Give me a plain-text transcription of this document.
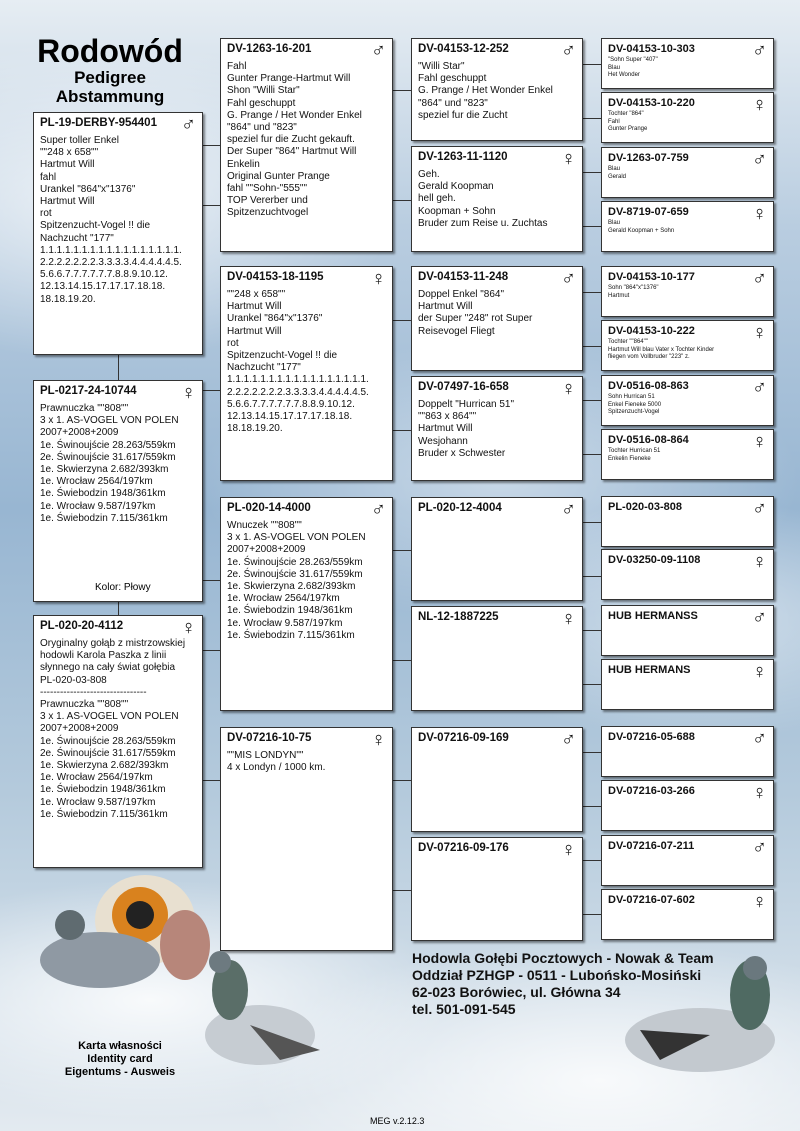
Rodowód
Pedigree
Abstammung
PL-19-DERBY-954401	♂
Super toller Enkel
""248 x 658""
Hartmut Will
fahl
Urankel "864"x"1376"
Hartmut Will
rot
Spitzenzucht-Vogel !! die
Nachzucht "177"
1.1.1.1.1.1.1.1.1.1.1.1.1.1.1.1.1.
2.2.2.2.2.2.2.3.3.3.3.4.4.4.4.4.5.
5.6.6.7.7.7.7.7.7.8.8.9.10.12.
12.13.14.15.17.17.17.18.18.
18.18.19.20.
PL-0217-24-10744	♀
Prawnuczka ""808""
3 x 1. AS-VOGEL VON POLEN
2007+2008+2009
1e. Świnoujście 28.263/559km
2e. Świnoujście 31.617/559km
1e. Skwierzyna 2.682/393km
1e. Wrocław 2564/197km
1e. Świebodzin 1948/361km
1e. Wrocław 9.587/197km
1e. Świebodzin 7.115/361km
PL-020-20-4112	♀
Oryginalny gołąb z mistrzowskiej
hodowli Karola Paszka z linii
słynnego na cały świat gołębia
PL-020-03-808
--------------------------------
Prawnuczka ""808""
3 x 1. AS-VOGEL VON POLEN
2007+2008+2009
1e. Świnoujście 28.263/559km
2e. Świnoujście 31.617/559km
1e. Skwierzyna 2.682/393km
1e. Wrocław 2564/197km
1e. Świebodzin 1948/361km
1e. Wrocław 9.587/197km
1e. Świebodzin 7.115/361km
DV-1263-16-201	♂
Fahl
Gunter Prange-Hartmut Will
Shon "Willi Star"
Fahl geschuppt
G. Prange / Het Wonder Enkel
"864" und "823"
speziel fur die Zucht gekauft.
Der Super "864" Hartmut Will
Enkelin
Original Gunter Prange
fahl ""Sohn-"555""
TOP Vererber und
Spitzenzuchtvogel
DV-04153-18-1195	♀
""248 x 658""
Hartmut Will
Urankel "864"x"1376"
Hartmut Will
rot
Spitzenzucht-Vogel !! die
Nachzucht "177"
1.1.1.1.1.1.1.1.1.1.1.1.1.1.1.1.1.
2.2.2.2.2.2.2.3.3.3.3.4.4.4.4.4.5.
5.6.6.7.7.7.7.7.7.8.8.9.10.12.
12.13.14.15.17.17.17.18.18.
18.18.19.20.
PL-020-14-4000	♂
Wnuczek ""808""
3 x 1. AS-VOGEL VON POLEN
2007+2008+2009
1e. Świnoujście 28.263/559km
2e. Świnoujście 31.617/559km
1e. Skwierzyna 2.682/393km
1e. Wrocław 2564/197km
1e. Świebodzin 1948/361km
1e. Wrocław 9.587/197km
1e. Świebodzin 7.115/361km
DV-07216-10-75	♀
""MIS LONDYN""
4 x Londyn / 1000 km.
DV-04153-12-252	♂
"Willi Star"
Fahl geschuppt
G. Prange / Het Wonder Enkel
"864" und "823"
speziel fur die Zucht
DV-1263-11-1120	♀
Geh.
Gerald Koopman
hell geh.
Koopman + Sohn
Bruder zum Reise u. Zuchtas
DV-04153-11-248	♂
Doppel Enkel "864"
Hartmut Will
der Super "248" rot Super
Reisevogel Fliegt
DV-07497-16-658	♀
Doppelt "Hurrican 51"
""863 x 864""
Hartmut Will
Wesjohann
Bruder x Schwester
PL-020-12-4004	♂
NL-12-1887225	♀
DV-07216-09-169	♂
DV-07216-09-176	♀
DV-04153-10-303	♂
"Sohn Super "407"
Blau
Het Wonder
DV-04153-10-220	♀
Tochter "864"
Fahl
Gunter Prange
DV-1263-07-759	♂
Blau
Gerald
DV-8719-07-659	♀
Blau
Gerald Koopman + Sohn
DV-04153-10-177	♂
Sohn "864"x"1376"
Hartmut
DV-04153-10-222	♀
Tochter ""864""
Hartmut Will blau Vater x Tochter Kinder
fliegen vom Vollbruder "223" z.
DV-0516-08-863	♂
Sohn Hurrican 51
Enkel Fieneke 5000
Spitzenzucht-Vogel
DV-0516-08-864	♀
Tochter Hurrican 51
Enkelin Fieneke
PL-020-03-808	♂
DV-03250-09-1108	♀
HUB HERMANSS	♂
HUB HERMANS	♀
DV-07216-05-688	♂
DV-07216-03-266	♀
DV-07216-07-211	♂
DV-07216-07-602	♀
Kolor: Płowy
Hodowla Gołębi Pocztowych - Nowak & Team
Oddział PZHGP - 0511 - Lubońsko-Mosiński
62-023 Borówiec, ul. Główna 34
tel. 501-091-545
Karta własności
Identity card
Eigentums - Ausweis
MEG v.2.12.3
